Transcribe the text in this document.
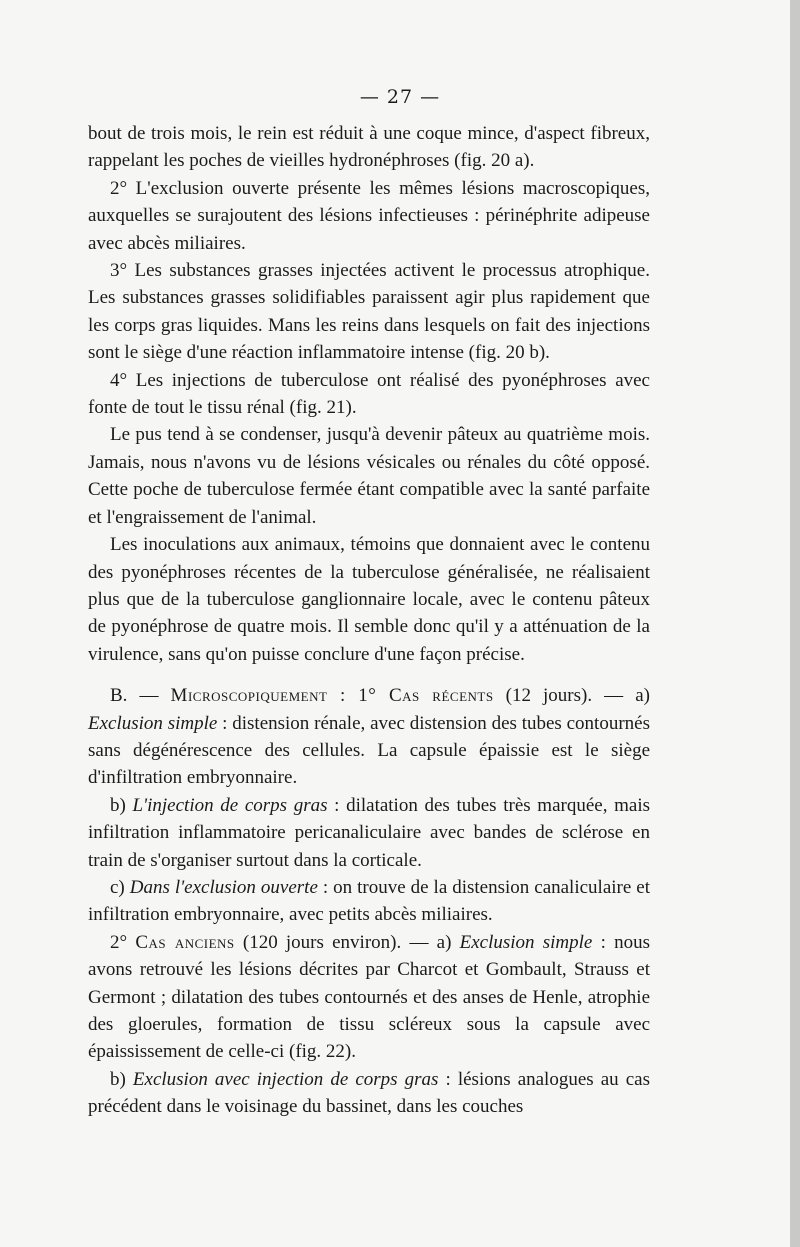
— 27 —

bout de trois mois, le rein est réduit à une coque mince, d'aspect fibreux, rappelant les poches de vieilles hydronéphroses (fig. 20 a).

2° L'exclusion ouverte présente les mêmes lésions macroscopiques, auxquelles se surajoutent des lésions infectieuses : périnéphrite adipeuse avec abcès miliaires.

3° Les substances grasses injectées activent le processus atrophique. Les substances grasses solidifiables paraissent agir plus rapidement que les corps gras liquides. Mans les reins dans lesquels on fait des injections sont le siège d'une réaction inflammatoire intense (fig. 20 b).

4° Les injections de tuberculose ont réalisé des pyonéphroses avec fonte de tout le tissu rénal (fig. 21).

Le pus tend à se condenser, jusqu'à devenir pâteux au quatrième mois. Jamais, nous n'avons vu de lésions vésicales ou rénales du côté opposé. Cette poche de tuberculose fermée étant compatible avec la santé parfaite et l'engraissement de l'animal.

Les inoculations aux animaux, témoins que donnaient avec le contenu des pyonéphroses récentes de la tuberculose généralisée, ne réalisaient plus que de la tuberculose ganglionnaire locale, avec le contenu pâteux de pyonéphrose de quatre mois. Il semble donc qu'il y a atténuation de la virulence, sans qu'on puisse conclure d'une façon précise.

B. — Microscopiquement : 1° Cas récents (12 jours). — a) Exclusion simple : distension rénale, avec distension des tubes contournés sans dégénérescence des cellules. La capsule épaissie est le siège d'infiltration embryonnaire.

b) L'injection de corps gras : dilatation des tubes très marquée, mais infiltration inflammatoire pericanaliculaire avec bandes de sclérose en train de s'organiser surtout dans la corticale.

c) Dans l'exclusion ouverte : on trouve de la distension canaliculaire et infiltration embryonnaire, avec petits abcès miliaires.

2° Cas anciens (120 jours environ). — a) Exclusion simple : nous avons retrouvé les lésions décrites par Charcot et Gombault, Strauss et Germont ; dilatation des tubes contournés et des anses de Henle, atrophie des gloerules, formation de tissu scléreux sous la capsule avec épaississement de celle-ci (fig. 22).

b) Exclusion avec injection de corps gras : lésions analogues au cas précédent dans le voisinage du bassinet, dans les couches
